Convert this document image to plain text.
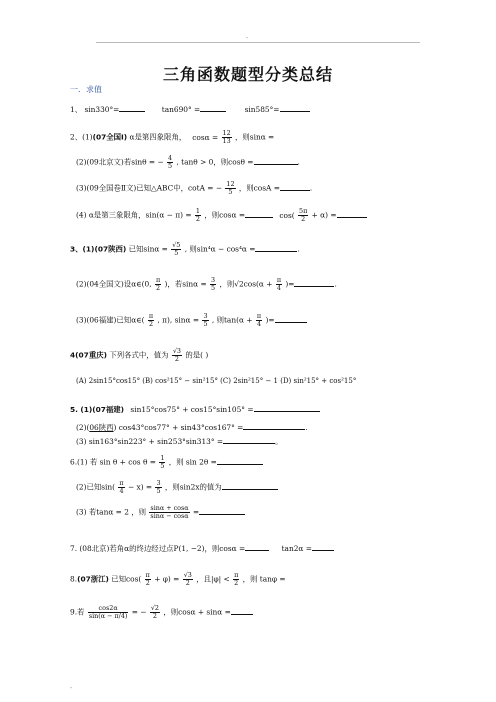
-
三角函数题型分类总结
一．求值
1、 sin330°=	tan690° =	sin585°=
2、(1)(07全国Ⅰ) α是第四象限角， $\cos\alpha = \frac{12}{13}$ ，则sinα =
(2)(09北京文)若sinθ = − $\frac{4}{5}$ , tanθ > 0，则cosθ =	.
(3)(09全国卷Ⅱ文)已知△ABC中，cotA = − $\frac{12}{5}$ ，则cosA =	.
(4) α是第三象限角，$\sin(\alpha - \pi) = \frac{1}{2}$ ，则cosα =	$\cos( \frac{5\pi}{2} + \alpha)$ =
3、(1)(07陕西) 已知$\sin\alpha = \frac{√5}{5}$ , 则sin⁴α − cos⁴α =	.
(2)(04全国文)设α∈(0, $\frac{\pi}{2}$ )，若$\sin\alpha = \frac{3}{5}$ ，则$√2\cos(\alpha + \frac{\pi}{4}$ )=	.
(3)(06福建)已知α∈( $\frac{\pi}{2}$ , π), $\sin\alpha = \frac{3}{5}$ , 则$\tan(\alpha + \frac{\pi}{4}$ )=
4(07重庆) 下列各式中，值为 $\frac{√3}{2}$ 的是( )
(A) 2sin15°cos15° (B) cos²15° − sin²15° (C) 2sin²15° − 1 (D) sin²15° + cos²15°
5. (1)(07福建) sin15°cos75° + cos15°sin105° =
(2)(06陕西) cos43°cos77° + sin43°cos167° =	.
(3) sin163°sin223° + sin253°sin313° =	。
6.(1) 若 $\sin \theta + \cos \theta = \frac{1}{5}$ ，则 sin 2θ =
(2)已知$\sin( \frac{\pi}{4} - x) = \frac{3}{5}$ ，则sin2x的值为
(3) 若tanα = 2 ，则 $\frac{\sin\alpha + \cos\alpha}{\sin\alpha - \cos\alpha}$ =
7. (08北京)若角α的终边经过点P(1, −2)，则cosα =	tan2α =
8.(07浙江) 已知$\cos( \frac{\pi}{2} + \varphi) = \frac{√3}{2}$ ，且$|\varphi| < \frac{\pi}{2}$ ，则 tanφ =
9.若 $\frac{\cos 2\alpha}{\sin(\alpha - \pi/4)}$ = − $\frac{√2}{2}$ ，则cosα + sinα =
-
